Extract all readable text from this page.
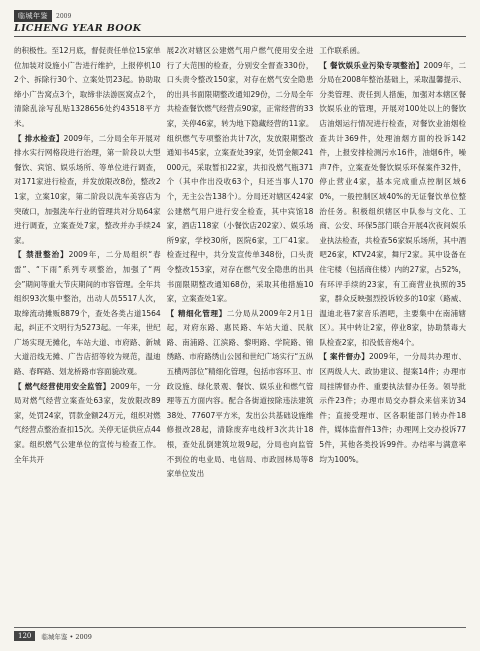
临城年鉴	2009
LICHENG YEAR BOOK

的积极性。至12月底，督促责任单位15家单位加装对设施小广告进行维护，上报停机102个、拆除行30个、立案处罚23起。协助取缔小广告窝点3个，取缔非法游医窝点2个，清除乱涂写乱贴1328656处约43518平方米。

【 排水检查】2009年，二分局全年开展对排水实行网格段进行治理，第一阶段以大型餐饮、宾馆、娱乐场所、等单位进行调查，对171家进行检查，并发放限改8份，整改21家，立案10家，第二阶段以洗车美容店为突破口，加强洗车行业的管理共对分局64家进行调查，立案查处7家，整改并办手续24家。

【 禁泄整治】2009年，二分局组织“春雷”、“下雨”系列专项整治，加强了“两会”期间等重大节庆期间的市容管理。全年共组织93次集中整治，出动人员5517人次，取缔流动摊贩8879个，查处各类占道1564起，纠正不文明行为5273起。一年来，世纪广场实现无摊化，车站大道、市府路、新城大道沿线无摊、广告店招等较为规范，温迪路、春晖路、划龙桥路市容面貌改观。

【 燃气经营使用安全监管】2009年，一分局对燃气经营立案查处63家，发放限改89家，处罚24家，罚款金额24万元，组织对燃气经营点整治查扣15次。关停无证供应点44家。组织燃气公建单位的宣传与检查工作。全年共开

展2次对辖区公建燃气用户燃气使用安全进行了大范围的检查，分别安全督查330份，口头责令整改150家，对存在燃气安全隐患的出具书面限期整改通知29份，二分局全年共检查餐饮燃气经营点90家，正常经营的33家，关停46家，转为地下隐藏经营的11家。组织燃气专项整治共计7次，发放限期整改通知书45家，立案查处39家，处罚金额241000元，采取暂扣22家，共扣没燃气瓶371个（其中作出没收63个，归还当事人170个，无主公告138个）。分局还对辖区424家公建燃气用户进行安全检查，其中宾馆18家，酒店118家（小餐饮店202家）、娱乐场所9家，学校30所，医院6家，工厂41家。检查过程中，共分发宣传单348份，口头责令整改153家，对存在燃气安全隐患的出具书面限期整改通知68份，采取其他措施10家，立案查处1家。

【 精细化管理】二分局从2009年2月1日起，对府东路、惠民路、车站大道、民航路、南浦路、江滨路、黎明路、学院路、锦绣路、市府路绣山公园和世纪广场实行“五纵五横两部位”精细化管理，包括市容环卫、市政设施、绿化景观、餐饮、娱乐业和燃气管理等五方面内容。配合各街道按除违法建筑38处、77607平方米，发出公共基础设施维修报改28起，清除废弃电线杆3次共计18根，查处乱倒建筑垃圾9起，分局也向监管不到位的电业局、电信局、市政园林局等8家单位发出

工作联系函。

【 餐饮娱乐业污染专项整治】2009年，二分局在2008年整治基础上，采取温馨提示、分类管理、责任到人措施，加强对本辖区餐饮娱乐业的管理，开展对100处以上的餐饮店油烟运行情况进行检查，对餐饮业油烟检查共计369件，处理油烟方面的投诉142件，上报安排检测污水16件，油烟6件，噪声7件，立案查处餐饮娱乐环保案件32件，停止营业4家，基本完成重点控制区域60%，一般控制区域40%的无证餐饮单位整治任务。积极组织辖区中队参与文化、工商、公安、环保5部门联合开展4次夜间娱乐业执法检查，共检查56家娱乐场所，其中酒吧26家，KTV24家，舞厅2家。其中设备在住宅楼（包括商住楼）内的27家，占52%，有环评手续的23家，有工商营业执照的35家，群众反映强烈投诉较多的10家（路威、温迪北巷7家音乐酒吧，主要集中在南浦辖区）。其中转让2家，停业8家，协助禁毒大队检查2家，扣没低音炮4个。

【 案件督办】2009年，一分局共办理市、区两级人大、政协建议、提案14件；办理市局挂牌督办件、重要执法督办任务。领导批示件23件；办理市局交办群众来信来访34件；直接受理市、区各职能部门转办件18件，媒体监督件13件；办理网上交办投诉775件，其他各类投诉99件。办结率与满意率均为100%。

120	临城年鉴 • 2009
